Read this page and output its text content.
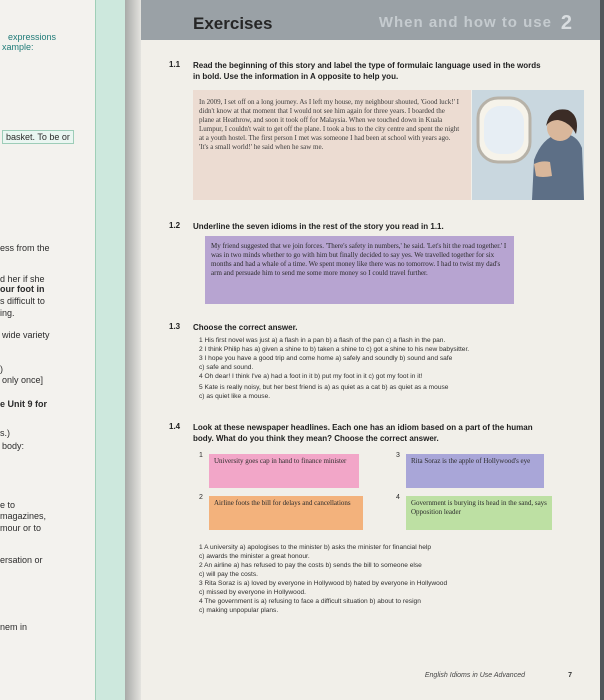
expressions
xample:
basket. To be or
ess from the
d her if she
our foot in
s difficult to
ing.
wide variety
)
only once]
e Unit 9 for
s.)
body:
e to
magazines,
mour or to
ersation or
nem in
Exercises	When and how to use 2
1.1 Read the beginning of this story and label the type of formulaic language used in the words in bold. Use the information in A opposite to help you.
In 2009, I set off on a long journey. As I left my house, my neighbour shouted, 'Good luck!' I didn't know at that moment that I would not see him again for three years. I boarded the plane at Heathrow, and soon it took off for Malaysia. When we touched down in Kuala Lumpur, I couldn't wait to get off the plane. I took a bus to the city centre and spent the night at a youth hostel. The first person I met was someone I had been at school with years ago. 'It's a small world!' he said when he saw me.
1.2 Underline the seven idioms in the rest of the story you read in 1.1.
My friend suggested that we join forces. 'There's safety in numbers,' he said. 'Let's hit the road together.' I was in two minds whether to go with him but finally decided to say yes. We travelled together for six months and had a whale of a time. We spent money like there was no tomorrow. I had to twist my dad's arm and persuade him to send me some more money so I could travel further.
1.3 Choose the correct answer.
1 His first novel was just a) a flash in a pan b) a flash of the pan c) a flash in the pan.
2 I think Philip has a) given a shine to b) taken a shine to c) got a shine to his new babysitter.
3 I hope you have a good trip and come home a) safely and soundly b) sound and safe
c) safe and sound.
4 Oh dear! I think I've a) had a foot in it b) put my foot in it c) got my foot in it!
5 Kate is really noisy, but her best friend is a) as quiet as a cat b) as quiet as a mouse
c) as quiet like a mouse.
1.4 Look at these newspaper headlines. Each one has an idiom based on a part of the human body. What do you think they mean? Choose the correct answer.
1
University goes cap in hand to finance minister
3
Rita Soraz is the apple of Hollywood's eye
2
Airline foots the bill for delays and cancellations
4
Government is burying its head in the sand, says Opposition leader
1 A university a) apologises to the minister b) asks the minister for financial help
c) awards the minister a great honour.
2 An airline a) has refused to pay the costs b) sends the bill to someone else
c) will pay the costs.
3 Rita Soraz is a) loved by everyone in Hollywood b) hated by everyone in Hollywood
c) missed by everyone in Hollywood.
4 The government is a) refusing to face a difficult situation b) about to resign
c) making unpopular plans.
English Idioms in Use Advanced	7
